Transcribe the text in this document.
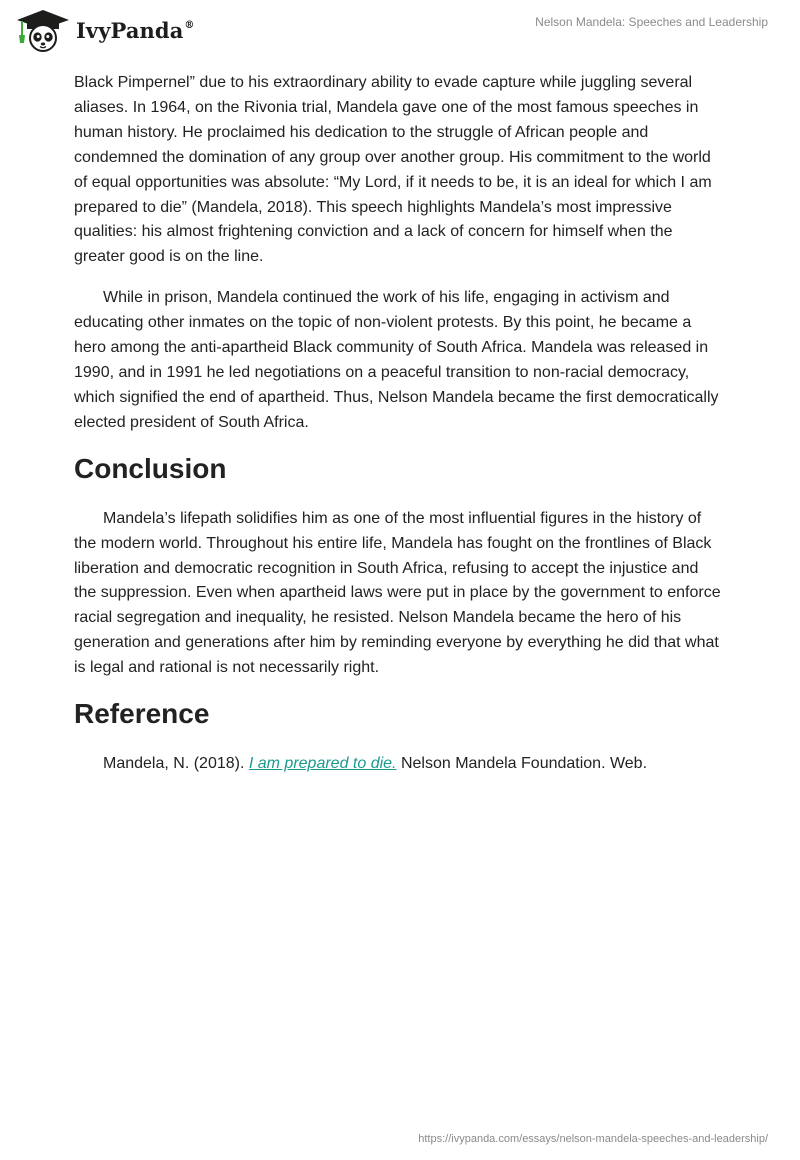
IvyPanda®	Nelson Mandela: Speeches and Leadership

Black Pimpernel” due to his extraordinary ability to evade capture while juggling several aliases. In 1964, on the Rivonia trial, Mandela gave one of the most famous speeches in human history. He proclaimed his dedication to the struggle of African people and condemned the domination of any group over another group. His commitment to the world of equal opportunities was absolute: “My Lord, if it needs to be, it is an ideal for which I am prepared to die” (Mandela, 2018). This speech highlights Mandela’s most impressive qualities: his almost frightening conviction and a lack of concern for himself when the greater good is on the line.

While in prison, Mandela continued the work of his life, engaging in activism and educating other inmates on the topic of non-violent protests. By this point, he became a hero among the anti-apartheid Black community of South Africa. Mandela was released in 1990, and in 1991 he led negotiations on a peaceful transition to non-racial democracy, which signified the end of apartheid. Thus, Nelson Mandela became the first democratically elected president of South Africa.

Conclusion

Mandela’s lifepath solidifies him as one of the most influential figures in the history of the modern world. Throughout his entire life, Mandela has fought on the frontlines of Black liberation and democratic recognition in South Africa, refusing to accept the injustice and the suppression. Even when apartheid laws were put in place by the government to enforce racial segregation and inequality, he resisted. Nelson Mandela became the hero of his generation and generations after him by reminding everyone by everything he did that what is legal and rational is not necessarily right.

Reference

Mandela, N. (2018). I am prepared to die. Nelson Mandela Foundation. Web.

https://ivypanda.com/essays/nelson-mandela-speeches-and-leadership/
